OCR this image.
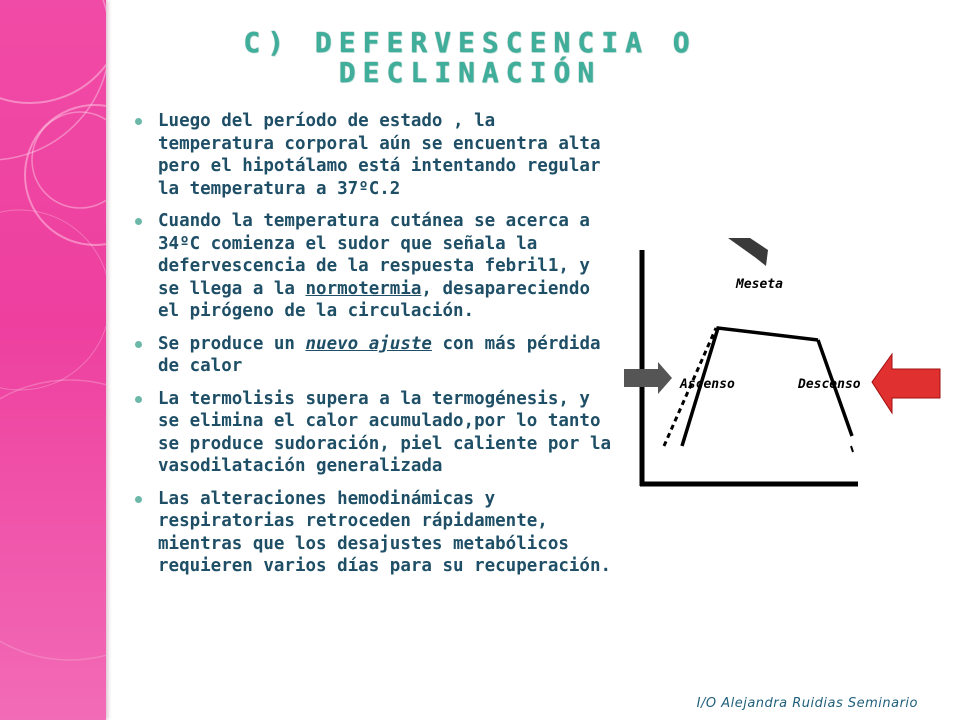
C) DEFERVESCENCIA O DECLINACIÓN
Luego del período de estado , la temperatura corporal aún se encuentra alta pero el hipotálamo está intentando regular la temperatura a 37ºC.2
Cuando la temperatura cutánea se acerca a 34ºC comienza el sudor que señala la defervescencia de la respuesta febril1, y se llega a la normotermia, desapareciendo el pirógeno de la circulación.
Se produce un nuevo ajuste con más pérdida de calor
La termolisis supera a la termogénesis, y se elimina el calor acumulado,por lo tanto se produce sudoración, piel caliente por la vasodilatación generalizada
Las alteraciones hemodinámicas y respiratorias retroceden rápidamente, mientras que los desajustes metabólicos requieren varios días para su recuperación.
Meseta
Ascenso	Descenso
I/O Alejandra Ruidias Seminario
